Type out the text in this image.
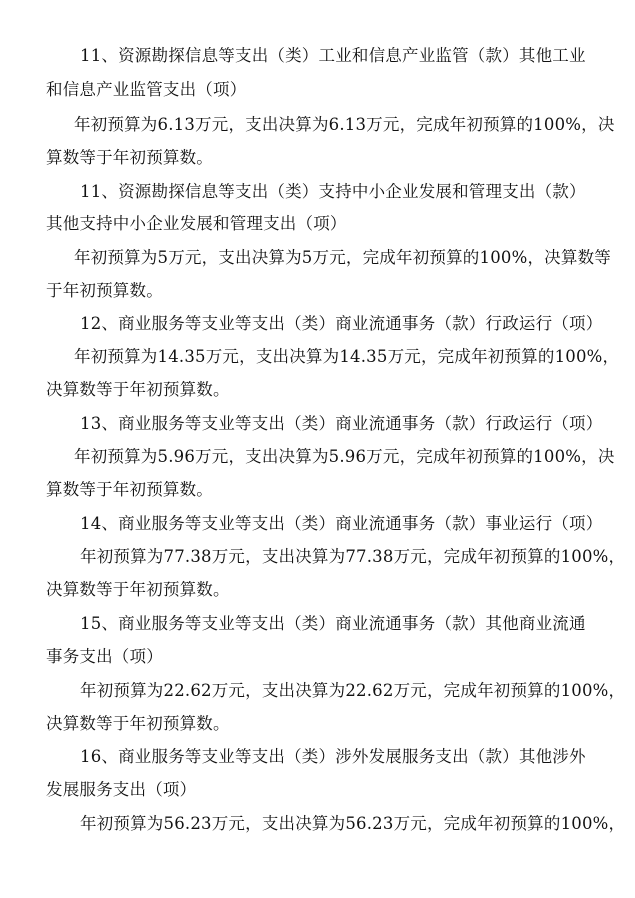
11、资源勘探信息等支出（类）工业和信息产业监管（款）其他工业
和信息产业监管支出（项）
年初预算为6.13万元，支出决算为6.13万元，完成年初预算的100%，决
算数等于年初预算数。
11、资源勘探信息等支出（类）支持中小企业发展和管理支出（款）
其他支持中小企业发展和管理支出（项）
年初预算为5万元，支出决算为5万元，完成年初预算的100%，决算数等
于年初预算数。
12、商业服务等支业等支出（类）商业流通事务（款）行政运行（项）
年初预算为14.35万元，支出决算为14.35万元，完成年初预算的100%，
决算数等于年初预算数。
13、商业服务等支业等支出（类）商业流通事务（款）行政运行（项）
年初预算为5.96万元，支出决算为5.96万元，完成年初预算的100%，决
算数等于年初预算数。
14、商业服务等支业等支出（类）商业流通事务（款）事业运行（项）
年初预算为77.38万元，支出决算为77.38万元，完成年初预算的100%，
决算数等于年初预算数。
15、商业服务等支业等支出（类）商业流通事务（款）其他商业流通
事务支出（项）
年初预算为22.62万元，支出决算为22.62万元，完成年初预算的100%，
决算数等于年初预算数。
16、商业服务等支业等支出（类）涉外发展服务支出（款）其他涉外
发展服务支出（项）
年初预算为56.23万元，支出决算为56.23万元，完成年初预算的100%，
